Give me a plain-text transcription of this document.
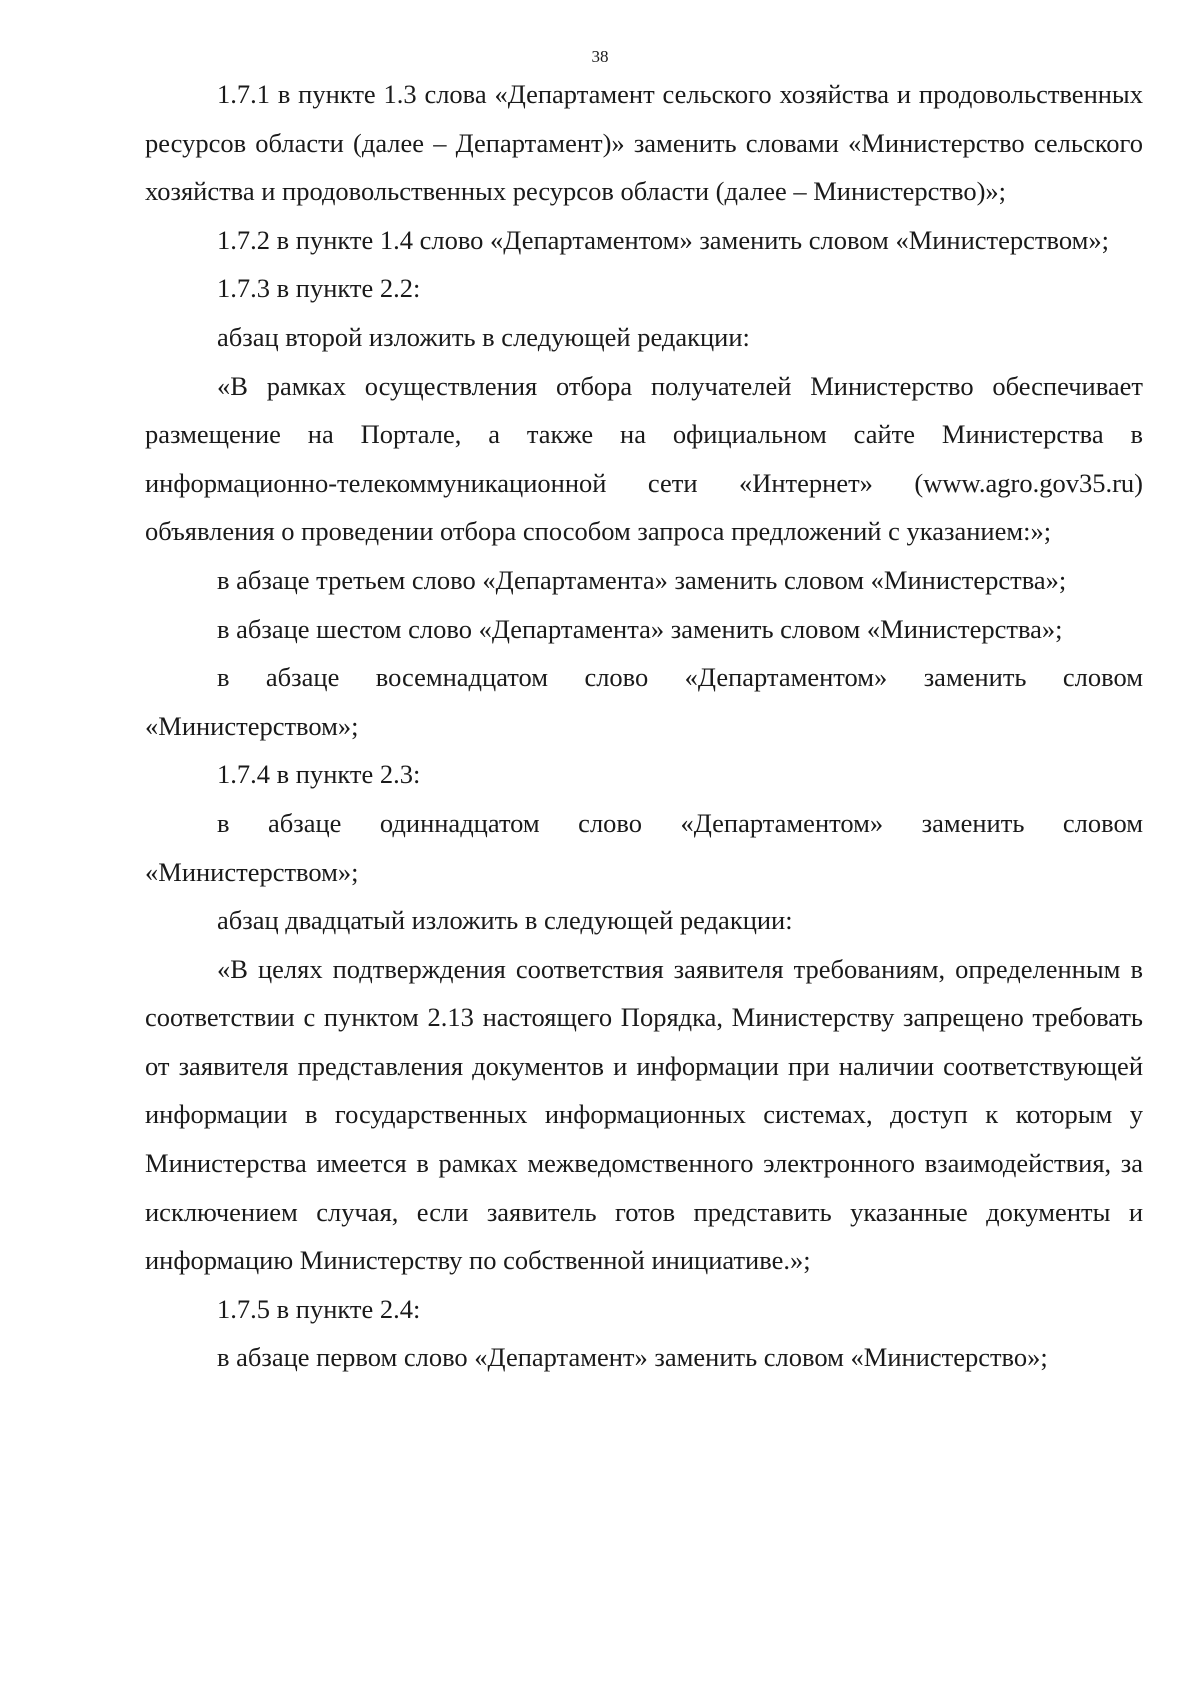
38

1.7.1 в пункте 1.3 слова «Департамент сельского хозяйства и продовольственных ресурсов области (далее – Департамент)» заменить словами «Министерство сельского хозяйства и продовольственных ресурсов области (далее – Министерство)»;

1.7.2 в пункте 1.4 слово «Департаментом» заменить словом «Министерством»;

1.7.3 в пункте 2.2:

абзац второй изложить в следующей редакции:

«В рамках осуществления отбора получателей Министерство обеспечивает размещение на Портале, а также на официальном сайте Министерства в информационно-телекоммуникационной сети «Интернет» (www.agro.gov35.ru) объявления о проведении отбора способом запроса предложений с указанием:»;

в абзаце третьем слово «Департамента» заменить словом «Министерства»;

в абзаце шестом слово «Департамента» заменить словом «Министерства»;

в абзаце восемнадцатом слово «Департаментом» заменить словом «Министерством»;

1.7.4 в пункте 2.3:

в абзаце одиннадцатом слово «Департаментом» заменить словом «Министерством»;

абзац двадцатый изложить в следующей редакции:

«В целях подтверждения соответствия заявителя требованиям, определенным в соответствии с пунктом 2.13 настоящего Порядка, Министерству запрещено требовать от заявителя представления документов и информации при наличии соответствующей информации в государственных информационных системах, доступ к которым у Министерства имеется в рамках межведомственного электронного взаимодействия, за исключением случая, если заявитель готов представить указанные документы и информацию Министерству по собственной инициативе.»;

1.7.5 в пункте 2.4:

в абзаце первом слово «Департамент» заменить словом «Министерство»;
